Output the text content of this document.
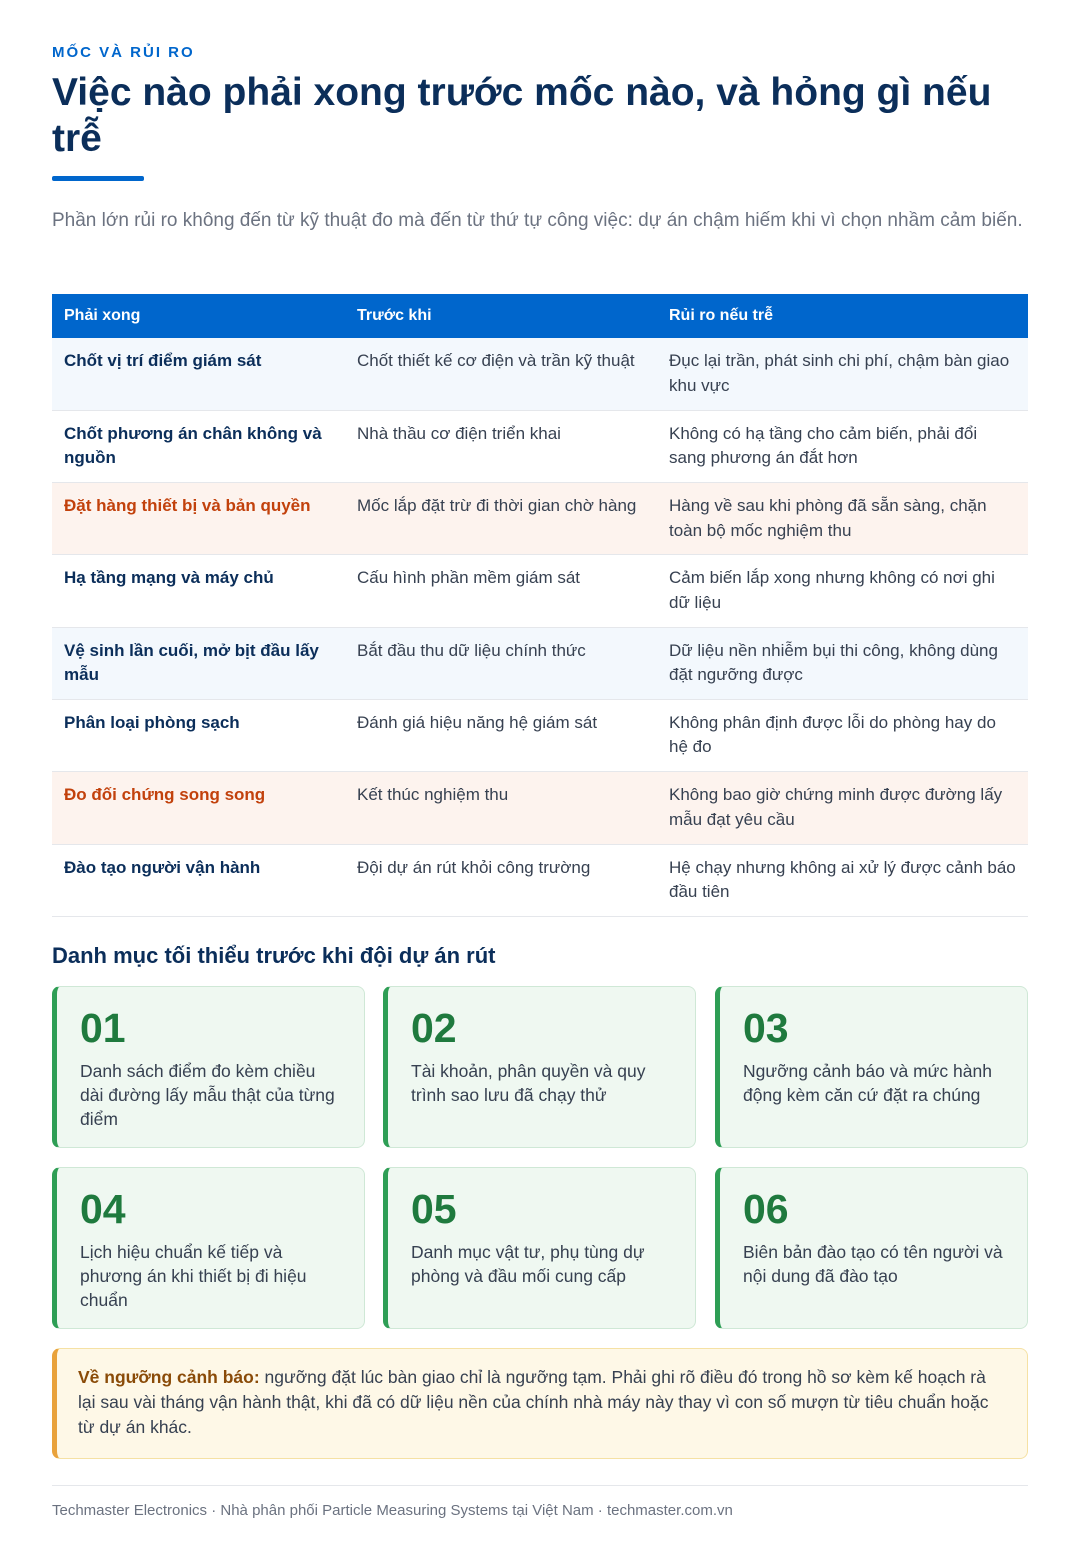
MỐC VÀ RỦI RO
Việc nào phải xong trước mốc nào, và hỏng gì nếu trễ

Phần lớn rủi ro không đến từ kỹ thuật đo mà đến từ thứ tự công việc: dự án chậm hiếm khi vì chọn nhầm cảm biến.

Phải xong	Trước khi	Rủi ro nếu trễ
Chốt vị trí điểm giám sát	Chốt thiết kế cơ điện và trần kỹ thuật	Đục lại trần, phát sinh chi phí, chậm bàn giao khu vực
Chốt phương án chân không và nguồn	Nhà thầu cơ điện triển khai	Không có hạ tầng cho cảm biến, phải đổi sang phương án đắt hơn
Đặt hàng thiết bị và bản quyền	Mốc lắp đặt trừ đi thời gian chờ hàng	Hàng về sau khi phòng đã sẵn sàng, chặn toàn bộ mốc nghiệm thu
Hạ tầng mạng và máy chủ	Cấu hình phần mềm giám sát	Cảm biến lắp xong nhưng không có nơi ghi dữ liệu
Vệ sinh lần cuối, mở bịt đầu lấy mẫu	Bắt đầu thu dữ liệu chính thức	Dữ liệu nền nhiễm bụi thi công, không dùng đặt ngưỡng được
Phân loại phòng sạch	Đánh giá hiệu năng hệ giám sát	Không phân định được lỗi do phòng hay do hệ đo
Đo đối chứng song song	Kết thúc nghiệm thu	Không bao giờ chứng minh được đường lấy mẫu đạt yêu cầu
Đào tạo người vận hành	Đội dự án rút khỏi công trường	Hệ chạy nhưng không ai xử lý được cảnh báo đầu tiên
Danh mục tối thiểu trước khi đội dự án rút
01
Danh sách điểm đo kèm chiều dài đường lấy mẫu thật của từng điểm
02
Tài khoản, phân quyền và quy trình sao lưu đã chạy thử
03
Ngưỡng cảnh báo và mức hành động kèm căn cứ đặt ra chúng
04
Lịch hiệu chuẩn kế tiếp và phương án khi thiết bị đi hiệu chuẩn
05
Danh mục vật tư, phụ tùng dự phòng và đầu mối cung cấp
06
Biên bản đào tạo có tên người và nội dung đã đào tạo
Về ngưỡng cảnh báo: ngưỡng đặt lúc bàn giao chỉ là ngưỡng tạm. Phải ghi rõ điều đó trong hồ sơ kèm kế hoạch rà lại sau vài tháng vận hành thật, khi đã có dữ liệu nền của chính nhà máy này thay vì con số mượn từ tiêu chuẩn hoặc từ dự án khác.
Techmaster Electronics · Nhà phân phối Particle Measuring Systems tại Việt Nam · techmaster.com.vn
